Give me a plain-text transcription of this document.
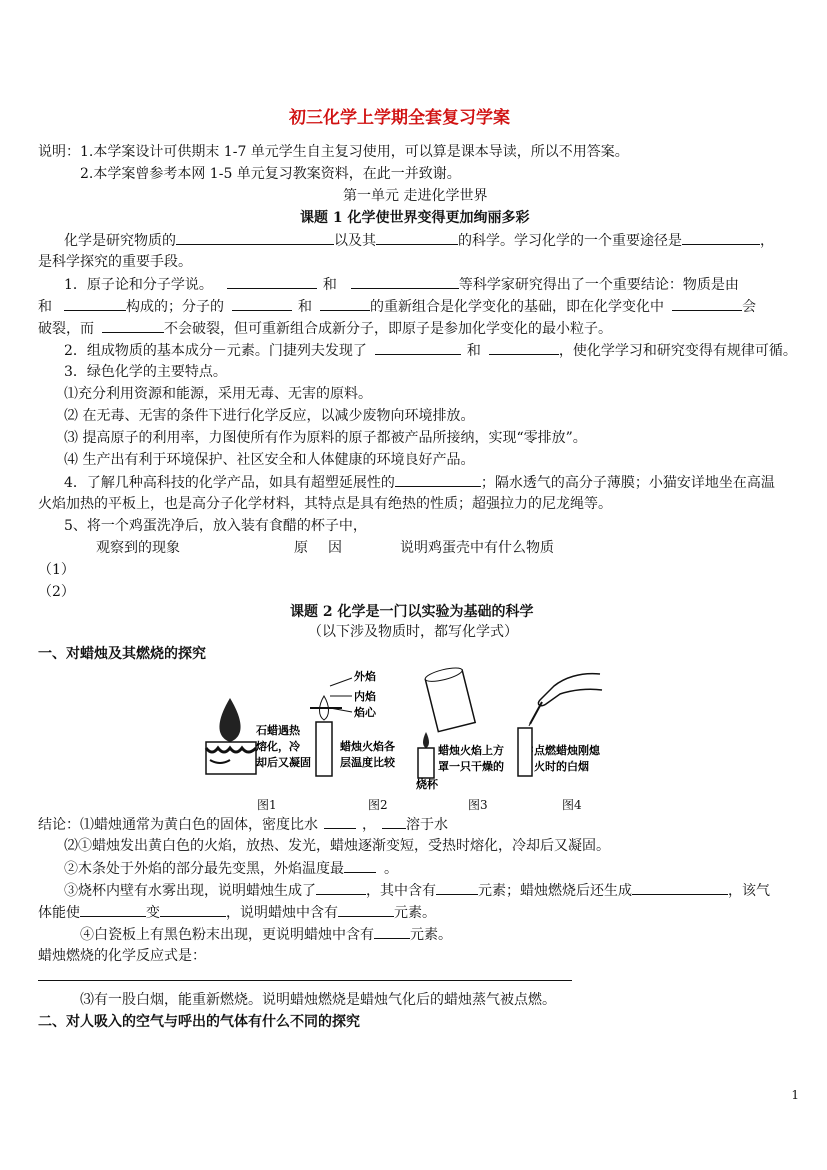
初三化学上学期全套复习学案
说明：1.本学案设计可供期末 1-7 单元学生自主复习使用，可以算是课本导读，所以不用答案。
2.本学案曾参考本网 1-5 单元复习教案资料，在此一并致谢。
第一单元 走进化学世界
课题 1 化学使世界变得更加绚丽多彩
化学是研究物质的	以及其	的科学。学习化学的一个重要途径是	，
是科学探究的重要手段。
1．原子论和分子学说。	和	等科学家研究得出了一个重要结论：物质是由
和	构成的；分子的	和	的重新组合是化学变化的基础，即在化学变化中	会
破裂，而	不会破裂，但可重新组合成新分子，即原子是参加化学变化的最小粒子。
2．组成物质的基本成分－元素。门捷列夫发现了	和	，使化学学习和研究变得有规律可循。
3．绿色化学的主要特点。
⑴充分利用资源和能源，采用无毒、无害的原料。
⑵ 在无毒、无害的条件下进行化学反应，以减少废物向环境排放。
⑶ 提高原子的利用率，力图使所有作为原料的原子都被产品所接纳，实现“零排放”。
⑷ 生产出有利于环境保护、社区安全和人体健康的环境良好产品。
4．了解几种高科技的化学产品，如具有超塑延展性的	；隔水透气的高分子薄膜；小猫安详地坐在高温
火焰加热的平板上，也是高分子化学材料，其特点是具有绝热的性质；超强拉力的尼龙绳等。
5、将一个鸡蛋洗净后，放入装有食醋的杯子中，
观察到的现象	原 因	说明鸡蛋壳中有什么物质
（1）
（2）
课题 2 化学是一门以实验为基础的科学
（以下涉及物质时，都写化学式）
一、对蜡烛及其燃烧的探究
石蜡遇热
熔化，冷
却后又凝固
外焰
内焰
焰心
蜡烛火焰各
层温度比较
蜡烛火焰上方
罩一只干燥的
烧杯
点燃蜡烛刚熄
火时的白烟
图1	图2	图3	图4
结论：⑴蜡烛通常为黄白色的固体，密度比水	， 溶于水
⑵①蜡烛发出黄白色的火焰，放热、发光，蜡烛逐渐变短，受热时熔化，冷却后又凝固。
②木条处于外焰的部分最先变黑，外焰温度最	。
③烧杯内壁有水雾出现，说明蜡烛生成了	，其中含有	元素；蜡烛燃烧后还生成	，该气
体能使	变	，说明蜡烛中含有	元素。
④白瓷板上有黑色粉末出现，更说明蜡烛中含有	元素。
蜡烛燃烧的化学反应式是：
⑶有一股白烟，能重新燃烧。说明蜡烛燃烧是蜡烛气化后的蜡烛蒸气被点燃。
二、对人吸入的空气与呼出的气体有什么不同的探究
1
